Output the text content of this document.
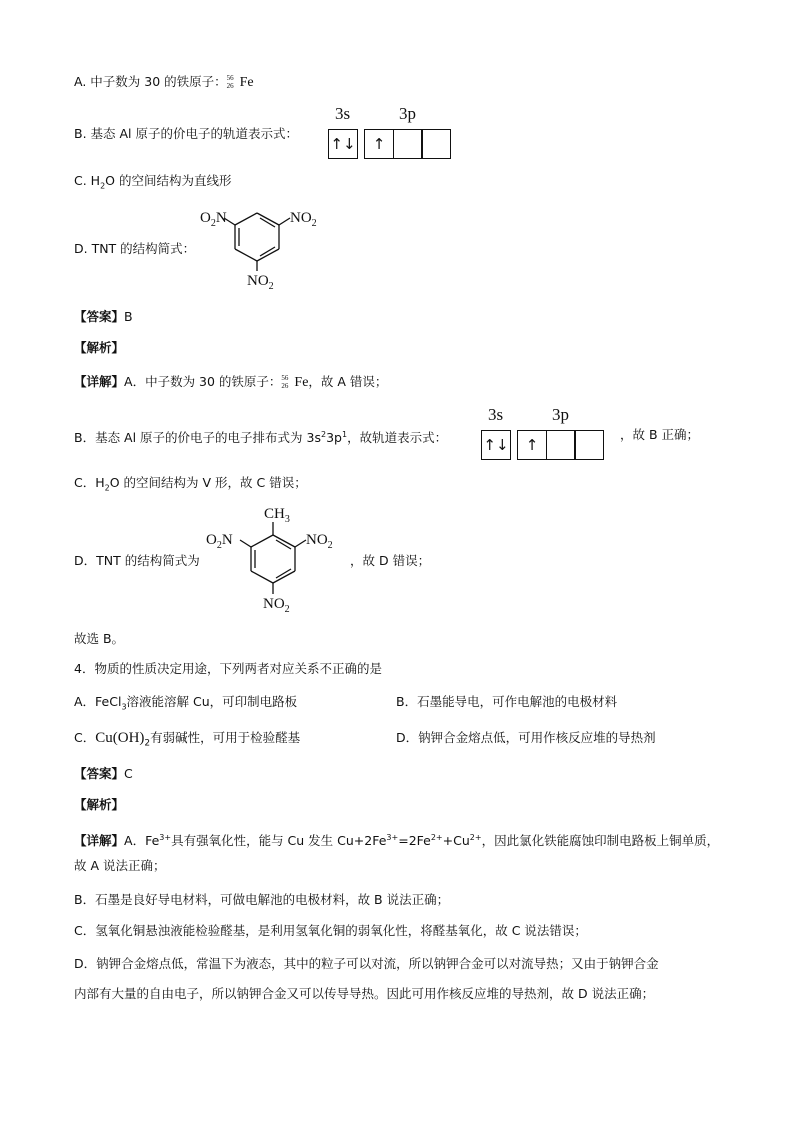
A. 中子数为 30 的铁原子： 56
26 Fe
B. 基态 Al 原子的价电子的轨道表示式：
3s	3p
↑↓ ↑
C. $H_2O$ 的空间结构为直线形
D. TNT 的结构简式：
$O_2N$	$NO_2$
$NO_2$
【答案】B
【解析】
【详解】A．中子数为 30 的铁原子： 56
26 Fe，故 A 错误；
B．基态 Al 原子的价电子的电子排布式为 $3s^23p^1$，故轨道表示式：
3s	3p
↑↓ ↑
，故 B 正确；
C．$H_2O$ 的空间结构为 V 形，故 C 错误；
D．TNT 的结构简式为
$CH_3$
$O_2N$	$NO_2$
$NO_2$
，故 D 错误；
故选 B。
4．物质的性质决定用途，下列两者对应关系不正确的是
A．FeCl$_3$溶液能溶解 Cu，可印制电路板	B．石墨能导电，可作电解池的电极材料
C．$Cu(OH)_2$有弱碱性，可用于检验醛基	D．钠钾合金熔点低，可用作核反应堆的导热剂
【答案】C
【解析】
【详解】A．$Fe^{3+}$具有强氧化性，能与 Cu 发生 $Cu+2Fe^{3+}=2Fe^{2+}+Cu^{2+}$，因此氯化铁能腐蚀印制电路板上铜单质，
故 A 说法正确；
B．石墨是良好导电材料，可做电解池的电极材料，故 B 说法正确；
C．氢氧化铜悬浊液能检验醛基，是利用氢氧化铜的弱氧化性，将醛基氧化，故 C 说法错误；
D．钠钾合金熔点低，常温下为液态，其中的粒子可以对流，所以钠钾合金可以对流导热；又由于钠钾合金
内部有大量的自由电子，所以钠钾合金又可以传导导热。因此可用作核反应堆的导热剂，故 D 说法正确；
